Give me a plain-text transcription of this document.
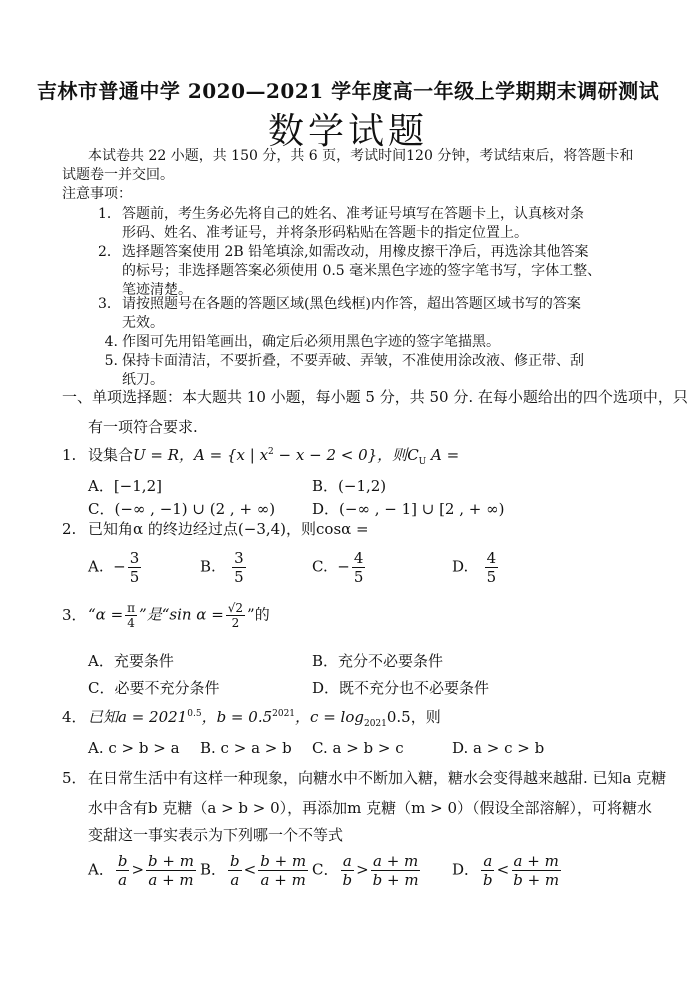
吉林市普通中学 2020—2021 学年度高一年级上学期期末调研测试
数学试题
本试卷共 22 小题，共 150 分，共 6 页，考试时间120 分钟，考试结束后，将答题卡和试题卷一并交回。
注意事项：
1．答题前，考生务必先将自己的姓名、准考证号填写在答题卡上，认真核对条
形码、姓名、准考证号，并将条形码粘贴在答题卡的指定位置上。
2．选择题答案使用 2B 铅笔填涂,如需改动，用橡皮擦干净后，再选涂其他答案
的标号；非选择题答案必须使用 0.5 毫米黑色字迹的签字笔书写，字体工整、
笔迹清楚。
3．请按照题号在各题的答题区域(黑色线框)内作答，超出答题区域书写的答案
无效。
4. 作图可先用铅笔画出，确定后必须用黑色字迹的签字笔描黑。
5. 保持卡面清洁，不要折叠，不要弄破、弄皱，不准使用涂改液、修正带、刮
纸刀。
一、单项选择题：本大题共 10 小题，每小题 5 分，共 50 分. 在每小题给出的四个选项中，只
有一项符合要求.
1. 设集合U = R，A = {x | $x^2 - x - 2 < 0$}，则$C_U$ A =
A．[−1,2]	B．(−1,2)
C．(−∞ , −1) ∪ (2 , + ∞) D．(−∞ , − 1] ∪ [2 , + ∞)
2. 已知角α 的终边经过点(−3,4)，则cosα =
A. − $\frac{3}{5}$	B. $\frac{3}{5}$	C. − $\frac{4}{5}$	D. $\frac{4}{5}$
3．“$\alpha = \frac{\pi}{4}$ ”是“sin $\alpha = \frac{√2}{2}$ ”的
A．充要条件	B．充分不必要条件
C．必要不充分条件	D．既不充分也不必要条件
4．已知$a = 2021^{0.5}$，$b = 0.5^{2021}$，$c = \log_{2021}0.5$，则
A. c > b > a B. c > a > b C. a > b > c	D. a > c > b
5．在日常生活中有这样一种现象，向糖水中不断加入糖，糖水会变得越来越甜. 已知a 克糖
水中含有b 克糖（a > b > 0），再添加m 克糖（m > 0）（假设全部溶解），可将糖水
变甜这一事实表示为下列哪一个不等式
A． $\frac{b}{a} > \frac{b + m}{a + m}$ B． $\frac{b}{a} < \frac{b + m}{a + m}$ C． $\frac{a}{b} > \frac{a + m}{b + m}$ D． $\frac{a}{b} < \frac{a + m}{b + m}$
